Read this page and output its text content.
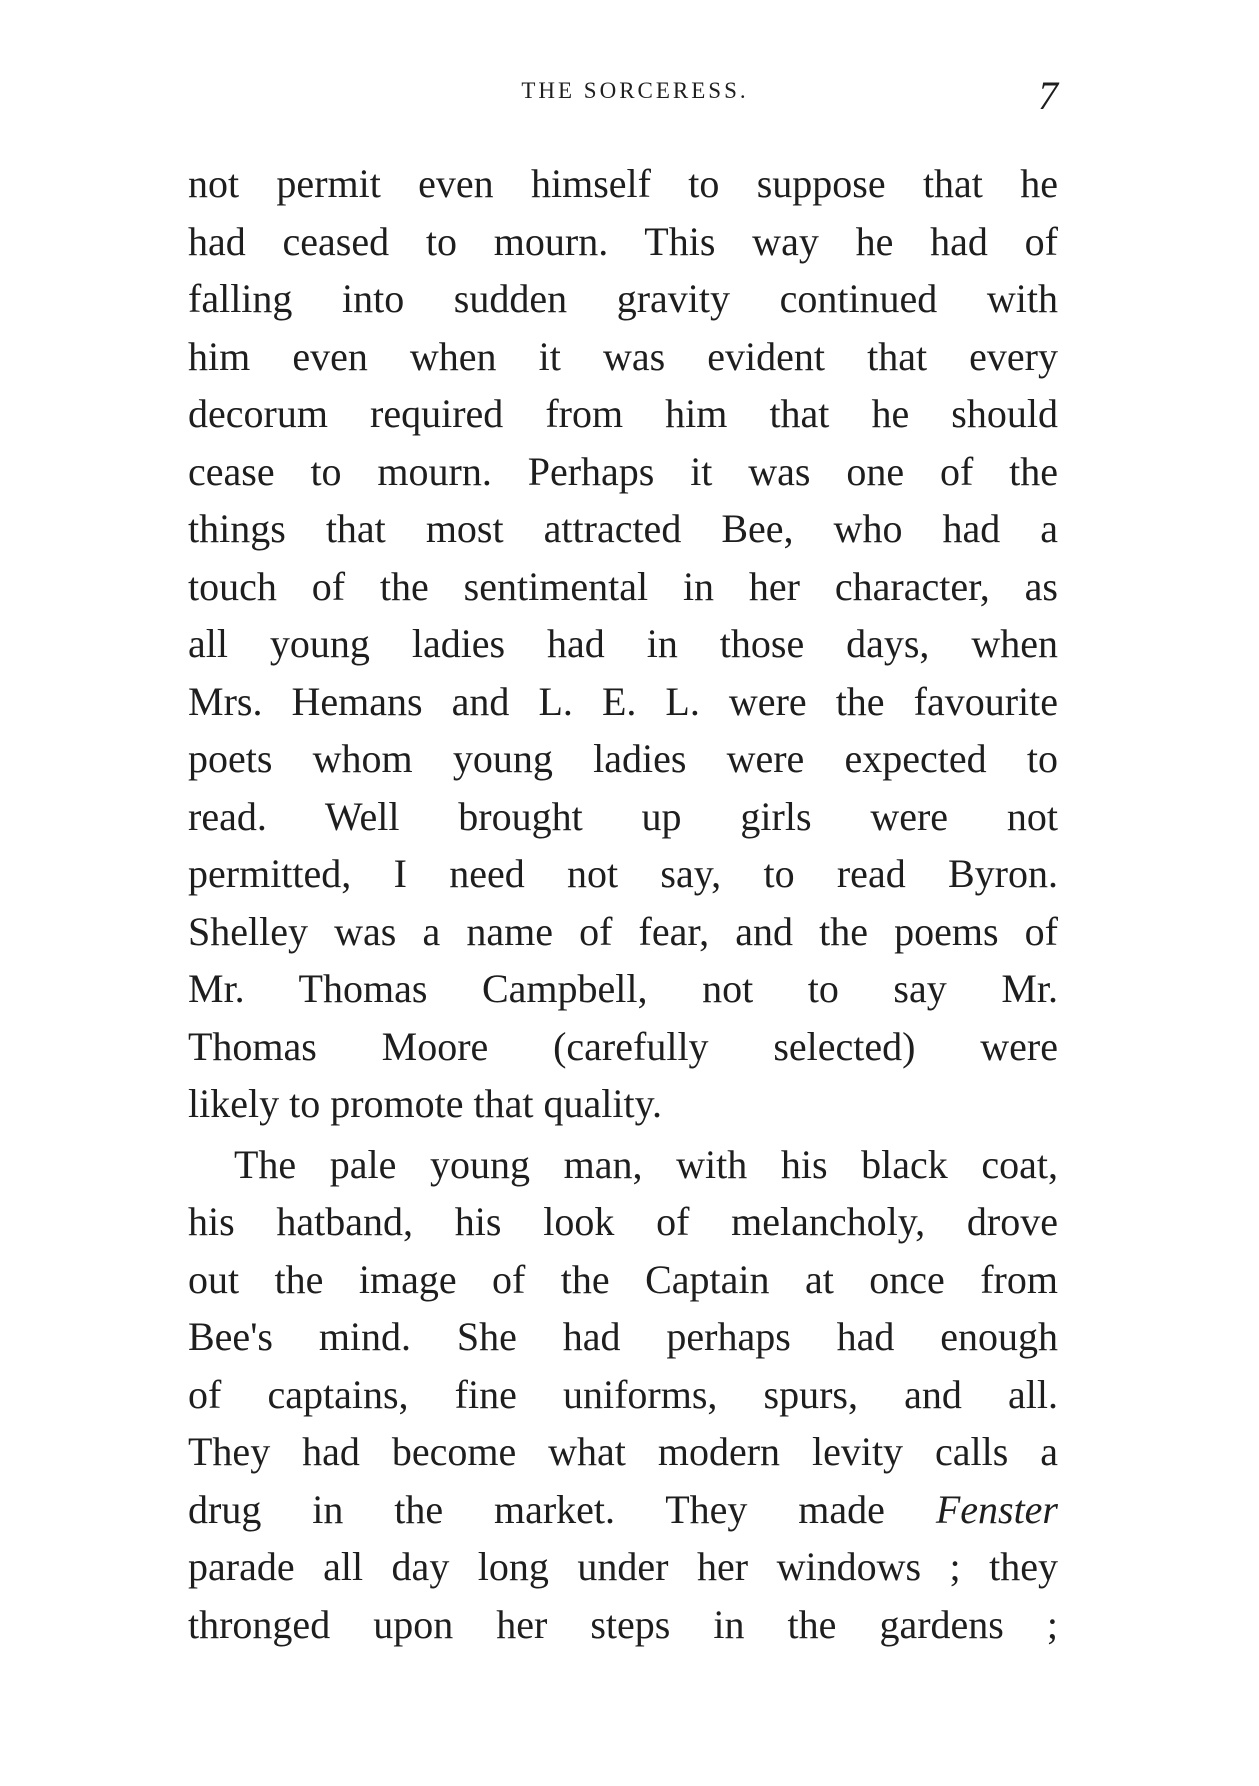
THE SORCERESS.	7
not permit even himself to suppose that he
had ceased to mourn. This way he had of
falling into sudden gravity continued with
him even when it was evident that every
decorum required from him that he should
cease to mourn. Perhaps it was one of the
things that most attracted Bee, who had a
touch of the sentimental in her character, as
all young ladies had in those days, when
Mrs. Hemans and L. E. L. were the favourite
poets whom young ladies were expected to
read. Well brought up girls were not
permitted, I need not say, to read Byron.
Shelley was a name of fear, and the poems of
Mr. Thomas Campbell, not to say Mr.
Thomas Moore (carefully selected) were
likely to promote that quality.
The pale young man, with his black coat,
his hatband, his look of melancholy, drove
out the image of the Captain at once from
Bee's mind. She had perhaps had enough
of captains, fine uniforms, spurs, and all.
They had become what modern levity calls a
drug in the market. They made Fenster
parade all day long under her windows ; they
thronged upon her steps in the gardens ;
